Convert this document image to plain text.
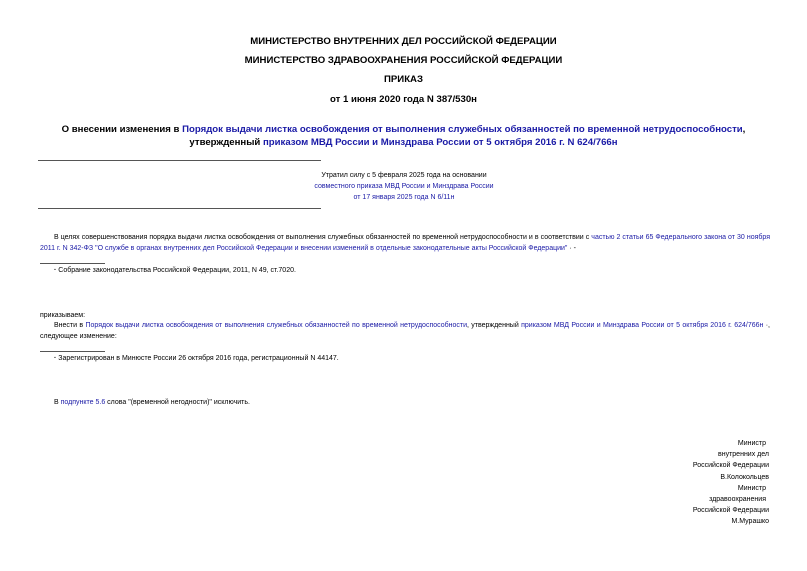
МИНИСТЕРСТВО ВНУТРЕННИХ ДЕЛ РОССИЙСКОЙ ФЕДЕРАЦИИ
МИНИСТЕРСТВО ЗДРАВООХРАНЕНИЯ РОССИЙСКОЙ ФЕДЕРАЦИИ
ПРИКАЗ
от 1 июня 2020 года N 387/530н
О внесении изменения в Порядок выдачи листка освобождения от выполнения служебных обязанностей по временной нетрудоспособности, утвержденный приказом МВД России и Минздрава России от 5 октября 2016 г. N 624/766н
Утратил силу с 5 февраля 2025 года на основании
совместного приказа МВД России и Минздрава России
от 17 января 2025 года N 6/11н
В целях совершенствования порядка выдачи листка освобождения от выполнения служебных обязанностей по временной нетрудоспособности и в соответствии с частью 2 статьи 65 Федерального закона от 30 ноября 2011 г. N 342-ФЗ "О службе в органах внутренних дел Российской Федерации и внесении изменений в отдельные законодательные акты Российской Федерации" · -
· Собрание законодательства Российской Федерации, 2011, N 49, ст.7020.
приказываем:
Внести в Порядок выдачи листка освобождения от выполнения служебных обязанностей по временной нетрудоспособности, утвержденный приказом МВД России и Минздрава России от 5 октября 2016 г. 624/766н ·, следующее изменение:
· Зарегистрирован в Минюсте России 26 октября 2016 года, регистрационный N 44147.
В подпункте 5.6 слова "(временной негодности)" исключить.
Министр
внутренних дел
Российской Федерации
В.Колокольцев
Министр
здравоохранения
Российской Федерации
М.Мурашко
